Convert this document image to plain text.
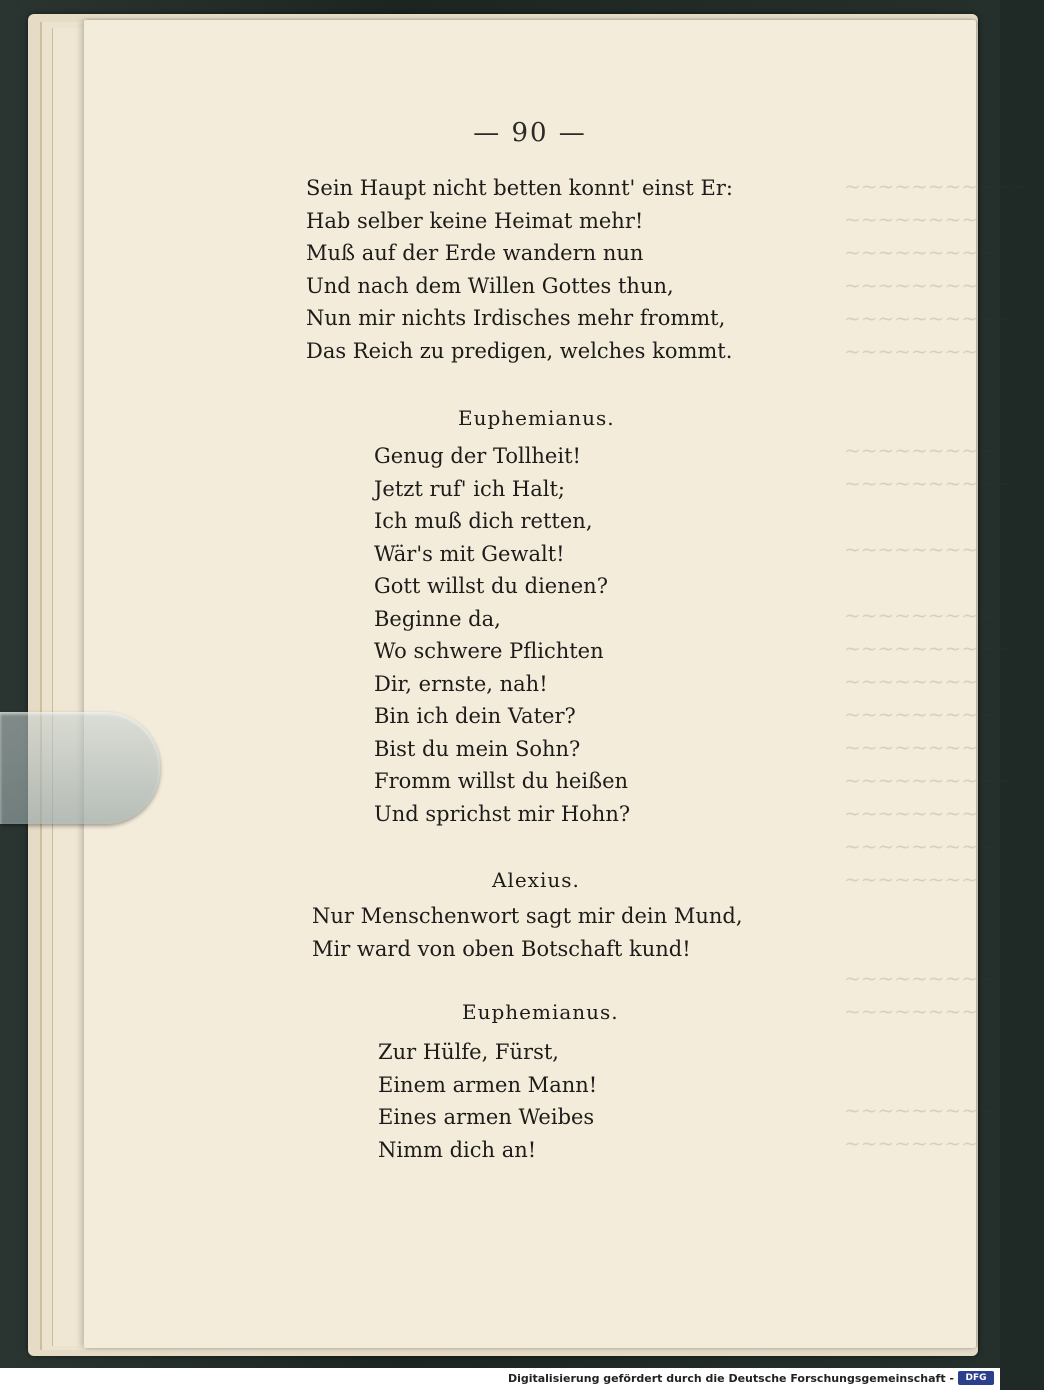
~~~~~~~~~~~
~~~~~~~~
~~~~~~~~~
~~~~~~~~
~~~~~~~~~~
~~~~~~~~

~~~~~~~~~
~~~~~~~~~~

~~~~~~~~

~~~~~~~~~
~~~~~~~~~~
~~~~~~~~
~~~~~~~~~
~~~~~~~~
~~~~~~~~~~
~~~~~~~~
~~~~~~~~~
~~~~~~~~

~~~~~~~~~
~~~~~~~~

~~~~~~~~~
~~~~~~~~
— 90 —
Sein Haupt nicht betten konnt' einst Er:
Hab selber keine Heimat mehr!
Muß auf der Erde wandern nun
Und nach dem Willen Gottes thun,
Nun mir nichts Irdisches mehr frommt,
Das Reich zu predigen, welches kommt.
Euphemianus.
Genug der Tollheit!
Jetzt ruf' ich Halt;
Ich muß dich retten,
Wär's mit Gewalt!
Gott willst du dienen?
Beginne da,
Wo schwere Pflichten
Dir, ernste, nah!
Bin ich dein Vater?
Bist du mein Sohn?
Fromm willst du heißen
Und sprichst mir Hohn?
Alexius.
Nur Menschenwort sagt mir dein Mund,
Mir ward von oben Botschaft kund!
Euphemianus.
Zur Hülfe, Fürst,
Einem armen Mann!
Eines armen Weibes
Nimm dich an!
Digitalisierung gefördert durch die Deutsche Forschungsgemeinschaft -	DFG
